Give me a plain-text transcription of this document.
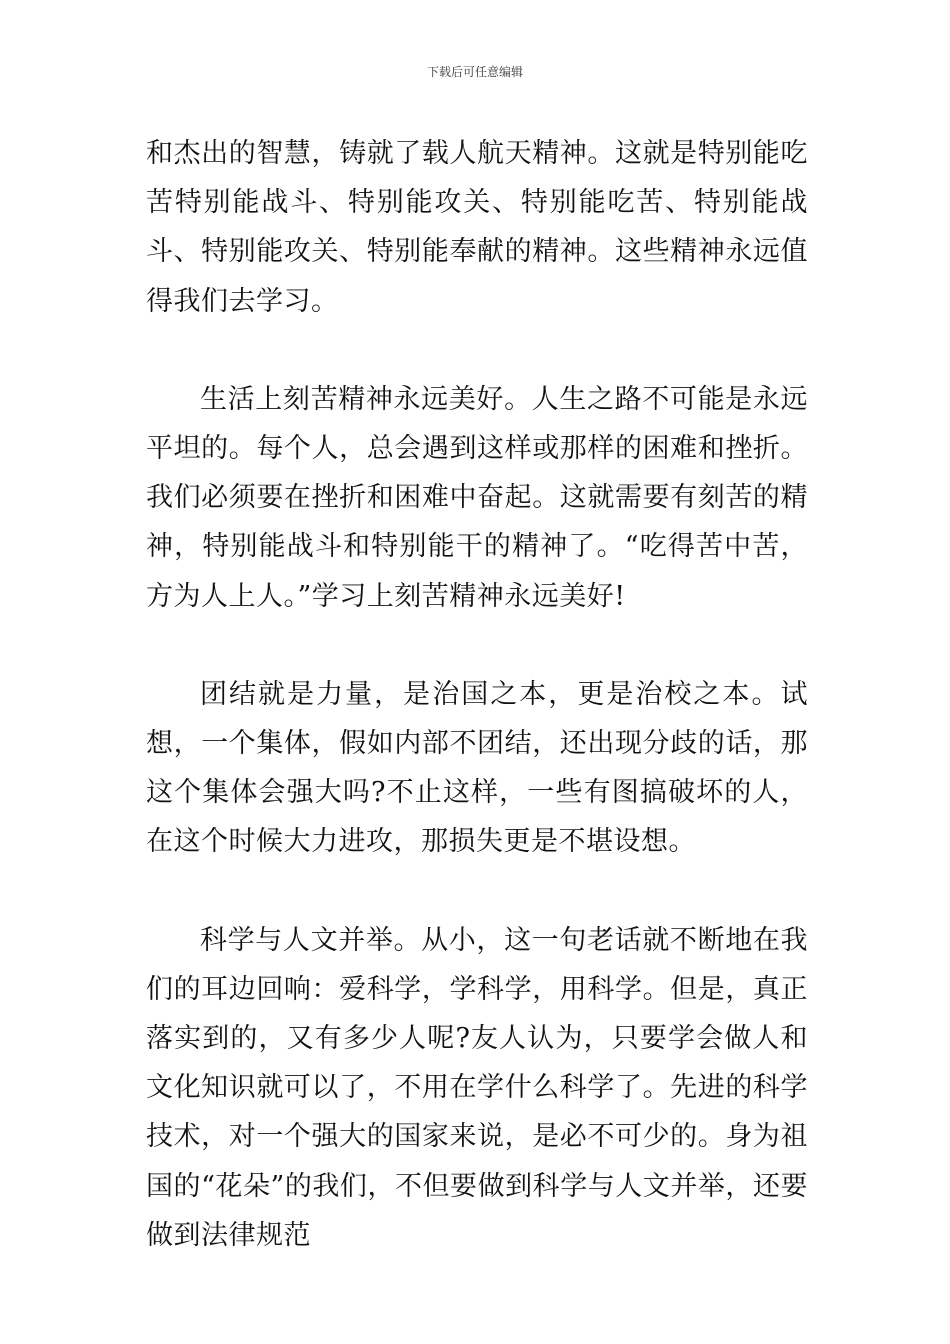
下载后可任意编辑

和杰出的智慧，铸就了载人航天精神。这就是特别能吃苦特别能战斗、特别能攻关、特别能吃苦、特别能战斗、特别能攻关、特别能奉献的精神。这些精神永远值得我们去学习。

生活上刻苦精神永远美好。人生之路不可能是永远平坦的。每个人，总会遇到这样或那样的困难和挫折。我们必须要在挫折和困难中奋起。这就需要有刻苦的精神，特别能战斗和特别能干的精神了。“吃得苦中苦，方为人上人。”学习上刻苦精神永远美好!

团结就是力量，是治国之本，更是治校之本。试想，一个集体，假如内部不团结，还出现分歧的话，那这个集体会强大吗?不止这样，一些有图搞破坏的人，在这个时候大力进攻，那损失更是不堪设想。

科学与人文并举。从小，这一句老话就不断地在我们的耳边回响：爱科学，学科学，用科学。但是，真正落实到的，又有多少人呢?友人认为，只要学会做人和文化知识就可以了，不用在学什么科学了。先进的科学技术，对一个强大的国家来说，是必不可少的。身为祖国的“花朵”的我们，不但要做到科学与人文并举，还要做到法律规范
